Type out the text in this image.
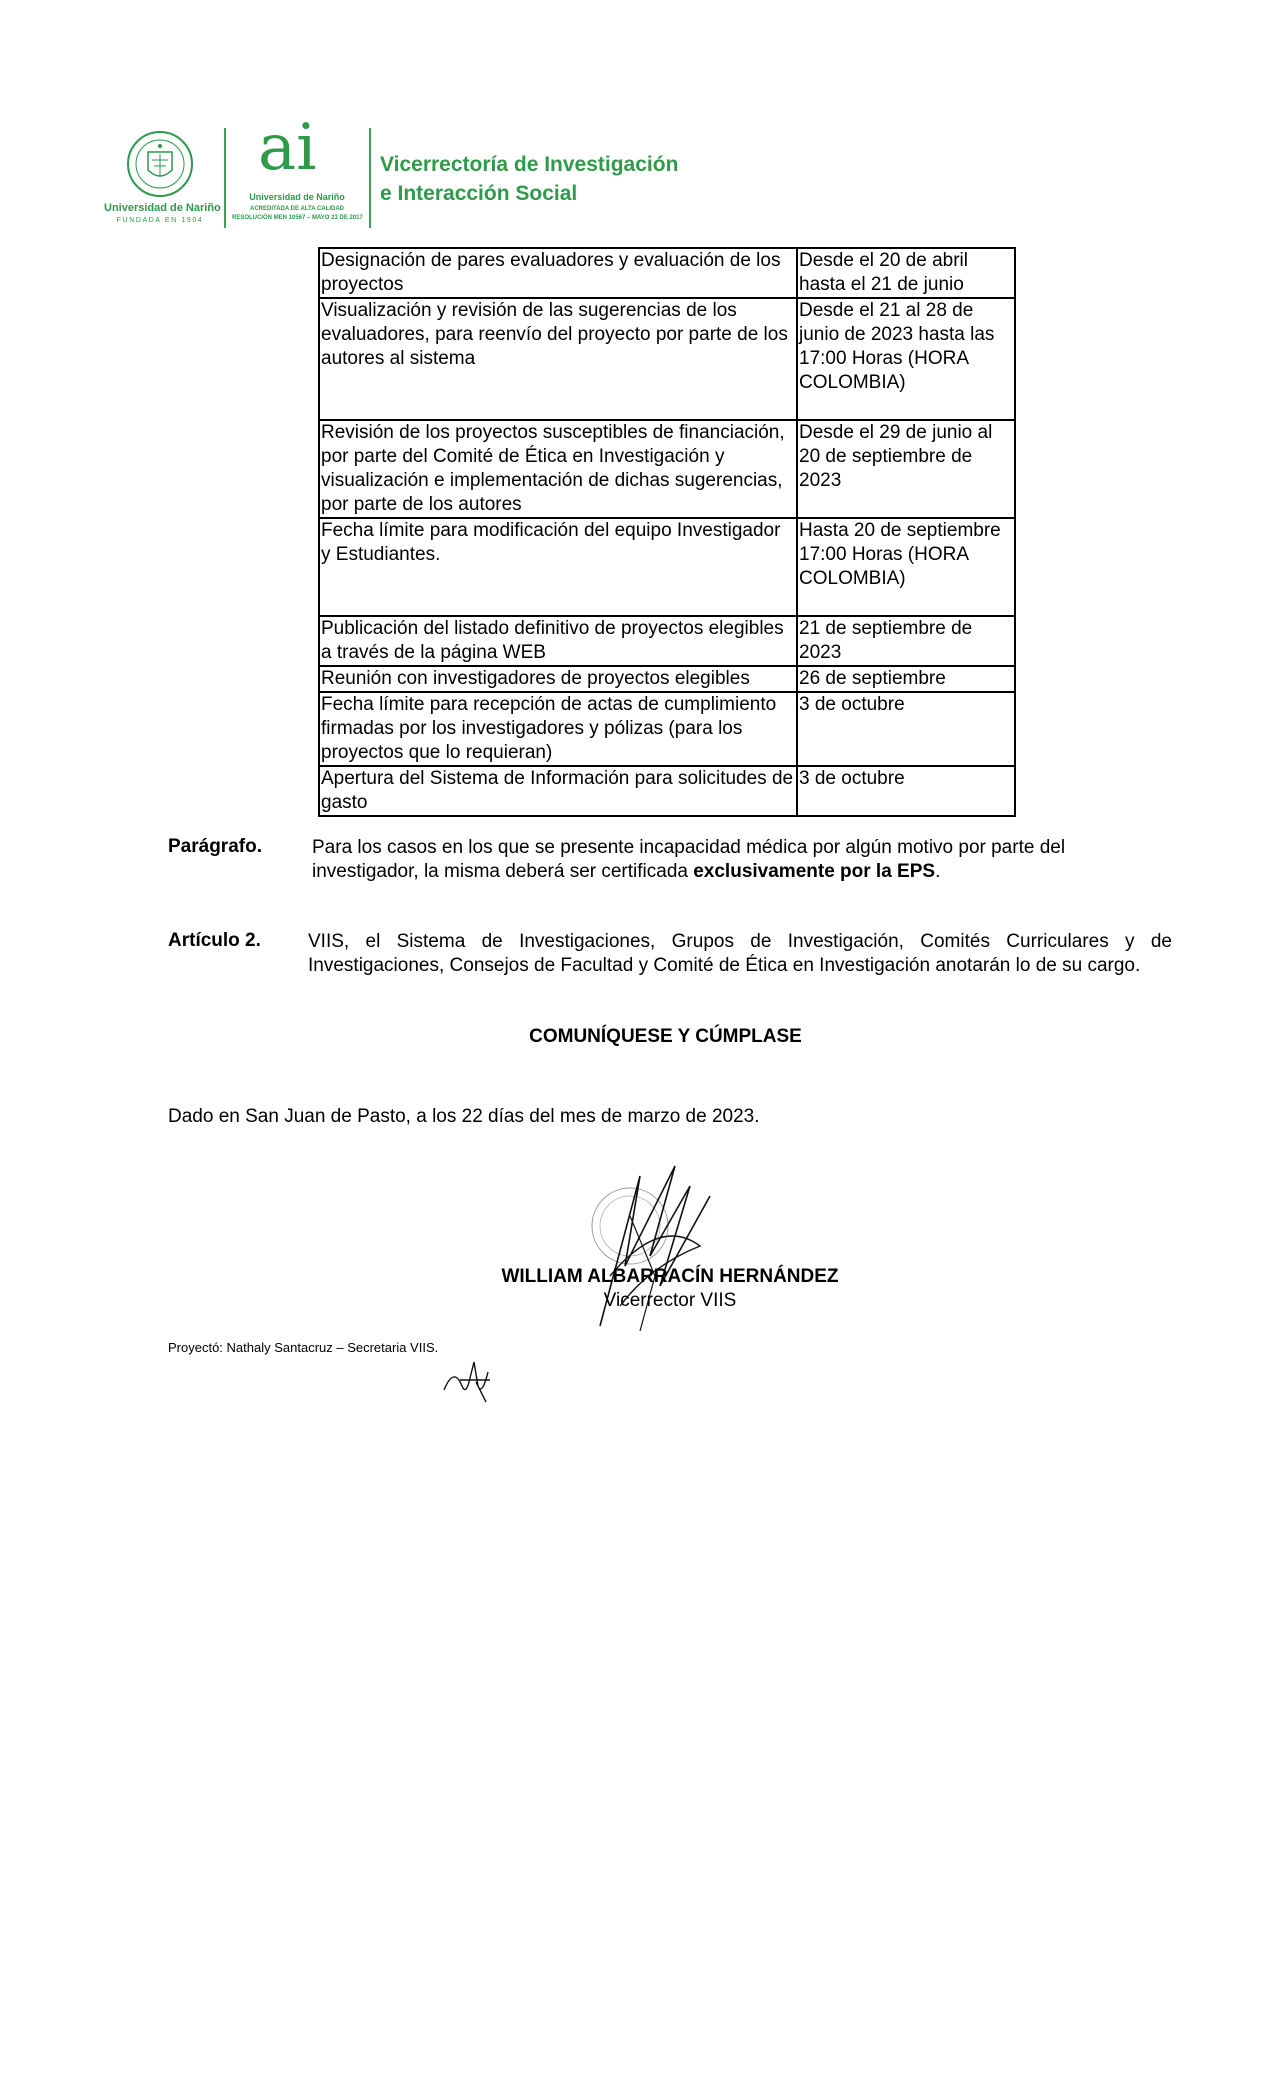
Universidad de Nariño
FUNDADA EN 1904
ai
Universidad de Nariño
ACREDITADA DE ALTA CALIDAD
RESOLUCIÓN MEN 10567 – MAYO 23 DE 2017
Vicerrectoría de Investigación
e Interacción Social
Designación de pares evaluadores y evaluación de los proyectos	Desde el 20 de abril hasta el 21 de junio
Visualización y revisión de las sugerencias de los evaluadores, para reenvío del proyecto por parte de los autores al sistema	Desde el 21 al 28 de junio de 2023 hasta las 17:00 Horas (HORA COLOMBIA)
Revisión de los proyectos susceptibles de financiación, por parte del Comité de Ética en Investigación y visualización e implementación de dichas sugerencias, por parte de los autores	Desde el 29 de junio al 20 de septiembre de 2023
Fecha límite para modificación del equipo Investigador y Estudiantes.	Hasta 20 de septiembre 17:00 Horas (HORA COLOMBIA)
Publicación del listado definitivo de proyectos elegibles a través de la página WEB	21 de septiembre de 2023
Reunión con investigadores de proyectos elegibles	26 de septiembre
Fecha límite para recepción de actas de cumplimiento firmadas por los investigadores y pólizas (para los proyectos que lo requieran)	3 de octubre
Apertura del Sistema de Información para solicitudes de gasto	3 de octubre
Parágrafo.	Para los casos en los que se presente incapacidad médica por algún motivo por parte del investigador, la misma deberá ser certificada exclusivamente por la EPS.
Artículo 2. VIIS, el Sistema de Investigaciones, Grupos de Investigación, Comités Curriculares y de Investigaciones, Consejos de Facultad y Comité de Ética en Investigación anotarán lo de su cargo.
COMUNÍQUESE Y CÚMPLASE
Dado en San Juan de Pasto, a los 22 días del mes de marzo de 2023.
WILLIAM ALBARRACÍN HERNÁNDEZ
Vicerrector VIIS
Proyectó: Nathaly Santacruz – Secretaria VIIS.
